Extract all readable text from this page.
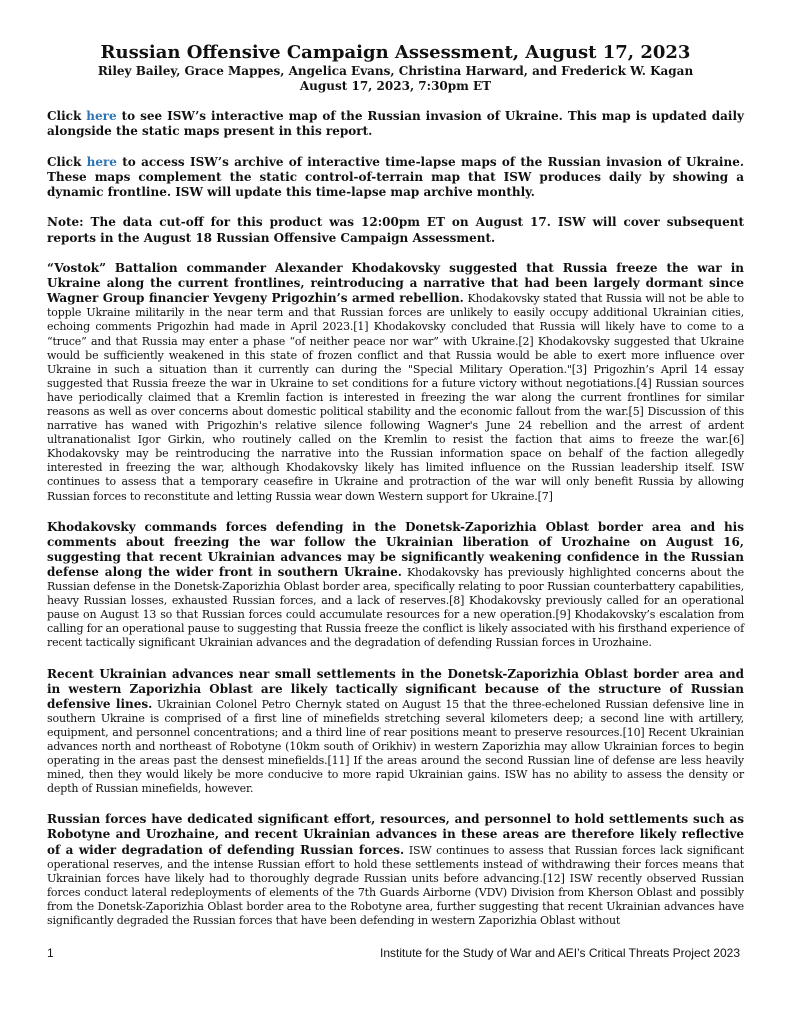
Russian Offensive Campaign Assessment, August 17, 2023

Riley Bailey, Grace Mappes, Angelica Evans, Christina Harward, and Frederick W. Kagan

August 17, 2023, 7:30pm ET

Click here to see ISW’s interactive map of the Russian invasion of Ukraine. This map is updated daily alongside the static maps present in this report.

Click here to access ISW’s archive of interactive time-lapse maps of the Russian invasion of Ukraine. These maps complement the static control-of-terrain map that ISW produces daily by showing a dynamic frontline. ISW will update this time-lapse map archive monthly.

Note: The data cut-off for this product was 12:00pm ET on August 17. ISW will cover subsequent reports in the August 18 Russian Offensive Campaign Assessment.

“Vostok” Battalion commander Alexander Khodakovsky suggested that Russia freeze the war in Ukraine along the current frontlines, reintroducing a narrative that had been largely dormant since Wagner Group financier Yevgeny Prigozhin’s armed rebellion. Khodakovsky stated that Russia will not be able to topple Ukraine militarily in the near term and that Russian forces are unlikely to easily occupy additional Ukrainian cities, echoing comments Prigozhin had made in April 2023.[1] Khodakovsky concluded that Russia will likely have to come to a “truce” and that Russia may enter a phase “of neither peace nor war” with Ukraine.[2] Khodakovsky suggested that Ukraine would be sufficiently weakened in this state of frozen conflict and that Russia would be able to exert more influence over Ukraine in such a situation than it currently can during the "Special Military Operation."[3] Prigozhin’s April 14 essay suggested that Russia freeze the war in Ukraine to set conditions for a future victory without negotiations.[4] Russian sources have periodically claimed that a Kremlin faction is interested in freezing the war along the current frontlines for similar reasons as well as over concerns about domestic political stability and the economic fallout from the war.[5] Discussion of this narrative has waned with Prigozhin's relative silence following Wagner's June 24 rebellion and the arrest of ardent ultranationalist Igor Girkin, who routinely called on the Kremlin to resist the faction that aims to freeze the war.[6] Khodakovsky may be reintroducing the narrative into the Russian information space on behalf of the faction allegedly interested in freezing the war, although Khodakovsky likely has limited influence on the Russian leadership itself. ISW continues to assess that a temporary ceasefire in Ukraine and protraction of the war will only benefit Russia by allowing Russian forces to reconstitute and letting Russia wear down Western support for Ukraine.[7]

Khodakovsky commands forces defending in the Donetsk-Zaporizhia Oblast border area and his comments about freezing the war follow the Ukrainian liberation of Urozhaine on August 16, suggesting that recent Ukrainian advances may be significantly weakening confidence in the Russian defense along the wider front in southern Ukraine. Khodakovsky has previously highlighted concerns about the Russian defense in the Donetsk-Zaporizhia Oblast border area, specifically relating to poor Russian counterbattery capabilities, heavy Russian losses, exhausted Russian forces, and a lack of reserves.[8] Khodakovsky previously called for an operational pause on August 13 so that Russian forces could accumulate resources for a new operation.[9] Khodakovsky’s escalation from calling for an operational pause to suggesting that Russia freeze the conflict is likely associated with his firsthand experience of recent tactically significant Ukrainian advances and the degradation of defending Russian forces in Urozhaine.

Recent Ukrainian advances near small settlements in the Donetsk-Zaporizhia Oblast border area and in western Zaporizhia Oblast are likely tactically significant because of the structure of Russian defensive lines. Ukrainian Colonel Petro Chernyk stated on August 15 that the three-echeloned Russian defensive line in southern Ukraine is comprised of a first line of minefields stretching several kilometers deep; a second line with artillery, equipment, and personnel concentrations; and a third line of rear positions meant to preserve resources.[10] Recent Ukrainian advances north and northeast of Robotyne (10km south of Orikhiv) in western Zaporizhia may allow Ukrainian forces to begin operating in the areas past the densest minefields.[11] If the areas around the second Russian line of defense are less heavily mined, then they would likely be more conducive to more rapid Ukrainian gains. ISW has no ability to assess the density or depth of Russian minefields, however.

Russian forces have dedicated significant effort, resources, and personnel to hold settlements such as Robotyne and Urozhaine, and recent Ukrainian advances in these areas are therefore likely reflective of a wider degradation of defending Russian forces. ISW continues to assess that Russian forces lack significant operational reserves, and the intense Russian effort to hold these settlements instead of withdrawing their forces means that Ukrainian forces have likely had to thoroughly degrade Russian units before advancing.[12] ISW recently observed Russian forces conduct lateral redeployments of elements of the 7th Guards Airborne (VDV) Division from Kherson Oblast and possibly from the Donetsk-Zaporizhia Oblast border area to the Robotyne area, further suggesting that recent Ukrainian advances have significantly degraded the Russian forces that have been defending in western Zaporizhia Oblast without

1	Institute for the Study of War and AEI’s Critical Threats Project 2023
